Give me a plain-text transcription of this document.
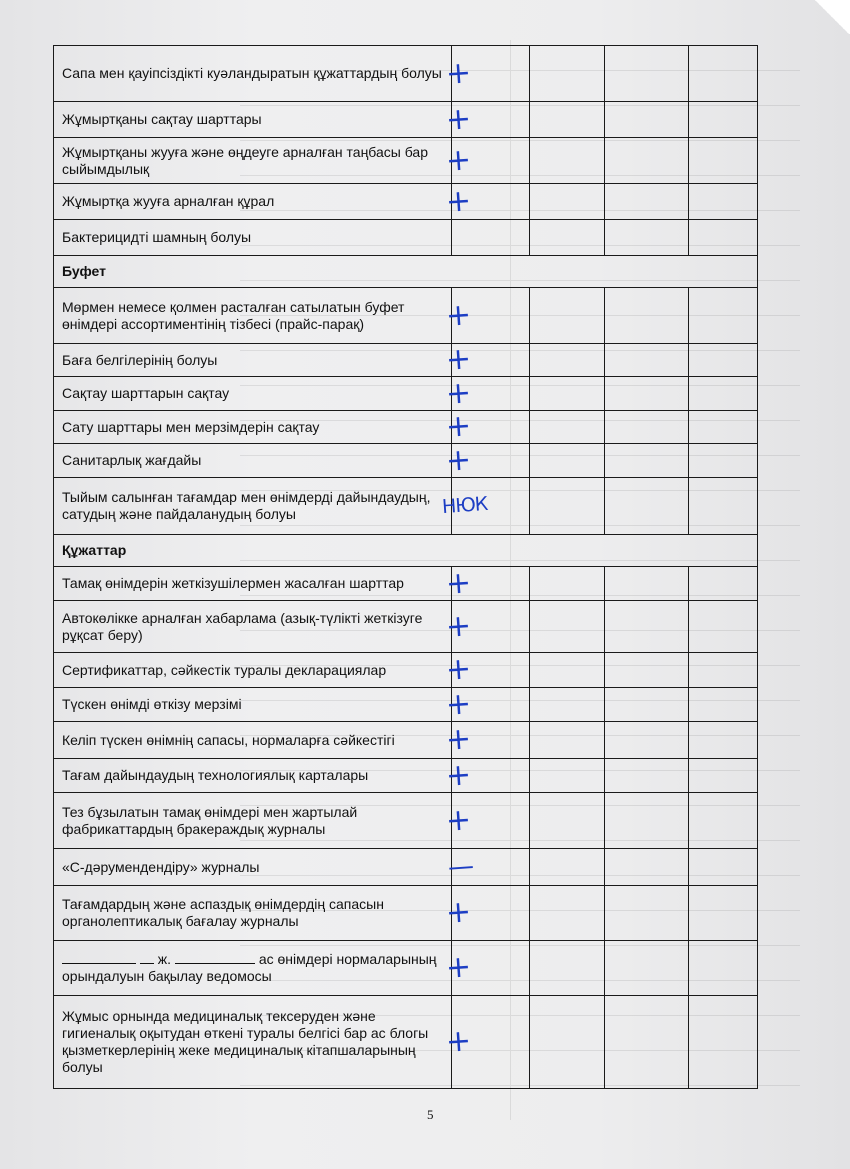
Сапа мен қауіпсіздікті куәландыратын құжаттардың болуы	+			

Жұмыртқаны сақтау шарттары	+			

Жұмыртқаны жууға және өңдеуге арналған таңбасы бар сыйымдылық	+			

Жұмыртқа жууға арналған құрал	+			

Бактерицидті шамның болуы	

Буфет				
Мөрмен немесе қолмен расталған сатылатын буфет өнімдері ассортиментінің тізбесі (прайс-парақ)	+			

Баға белгілерінің болуы	+			

Сақтау шарттарын сақтау	+			

Сату шарттары мен мерзімдерін сақтау	+			

Санитарлық жағдайы	+			

Тыйым салынған тағамдар мен өнімдерді дайындаудың, сатудың және пайдаланудың болуы	НЮК			

Құжаттар				
Тамақ өнімдерін жеткізушілермен жасалған шарттар	+			

Автокөлікке арналған хабарлама (азық-түлікті жеткізуге рұқсат беру)	+			

Сертификаттар, сәйкестік туралы декларациялар	+			

Түскен өнімді өткізу мерзімі	+			

Келіп түскен өнімнің сапасы, нормаларға сәйкестігі	+			

Тағам дайындаудың технологиялық карталары	+			

Тез бұзылатын тамақ өнімдері мен жартылай фабрикаттардың бракераждық журналы	+			

«С-дәрумендендіру» журналы	—			

Тағамдардың және аспаздық өнімдердің сапасын органолептикалық бағалау журналы	+			

ж. ас өнімдері нормаларының орындалуын бақылау ведомосы	+			

Жұмыс орнында медициналық тексеруден және гигиеналық оқытудан өткені туралы белгісі бар ас блогы қызметкерлерінің жеке медициналық кітапшаларының болуы	+			

5
